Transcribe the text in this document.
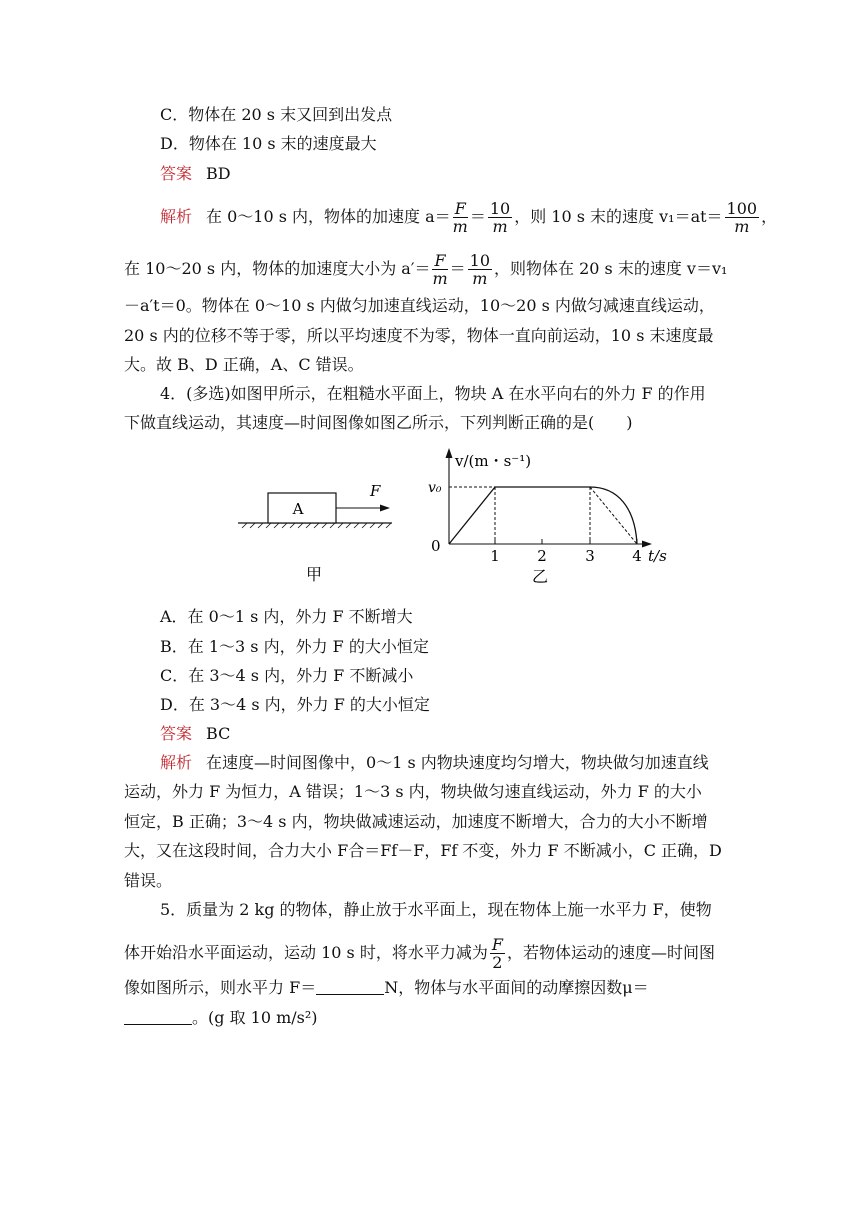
C．物体在 20 s 末又回到出发点
D．物体在 10 s 末的速度最大
答案 BD
解析 在 0～10 s 内，物体的加速度 $a= \frac{F}{m} = \frac{10}{m}$ ，则 10 s 末的速度 $v_1=at= \frac{100}{m}$ ，
在 10～20 s 内，物体的加速度大小为 $a'= \frac{F}{m} = \frac{10}{m}$ ，则物体在 20 s 末的速度 v＝v₁
－a′t＝0。物体在 0～10 s 内做匀加速直线运动，10～20 s 内做匀减速直线运动，
20 s 内的位移不等于零，所以平均速度不为零，物体一直向前运动，10 s 末速度最
大。故 B、D 正确，A、C 错误。
4．(多选)如图甲所示，在粗糙水平面上，物块 A 在水平向右的外力 F 的作用
下做直线运动，其速度—时间图像如图乙所示，下列判断正确的是(　　)
A
F
甲
v/(m・s⁻¹)
v₀
0
1 2	3 4 t/s
乙
A．在 0～1 s 内，外力 F 不断增大
B．在 1～3 s 内，外力 F 的大小恒定
C．在 3～4 s 内，外力 F 不断减小
D．在 3～4 s 内，外力 F 的大小恒定
答案 BC
解析 在速度—时间图像中，0～1 s 内物块速度均匀增大，物块做匀加速直线
运动，外力 F 为恒力，A 错误；1～3 s 内，物块做匀速直线运动，外力 F 的大小
恒定，B 正确；3～4 s 内，物块做减速运动，加速度不断增大，合力的大小不断增
大，又在这段时间，合力大小 F合＝Ff－F，Ff 不变，外力 F 不断减小，C 正确，D
错误。
5．质量为 2 kg 的物体，静止放于水平面上，现在物体上施一水平力 F，使物
体开始沿水平面运动，运动 10 s 时，将水平力减为 $\frac{F}{2}$ ，若物体运动的速度—时间图
像如图所示，则水平力 F＝	N，物体与水平面间的动摩擦因数μ＝
。(g 取 10 m/s²)
